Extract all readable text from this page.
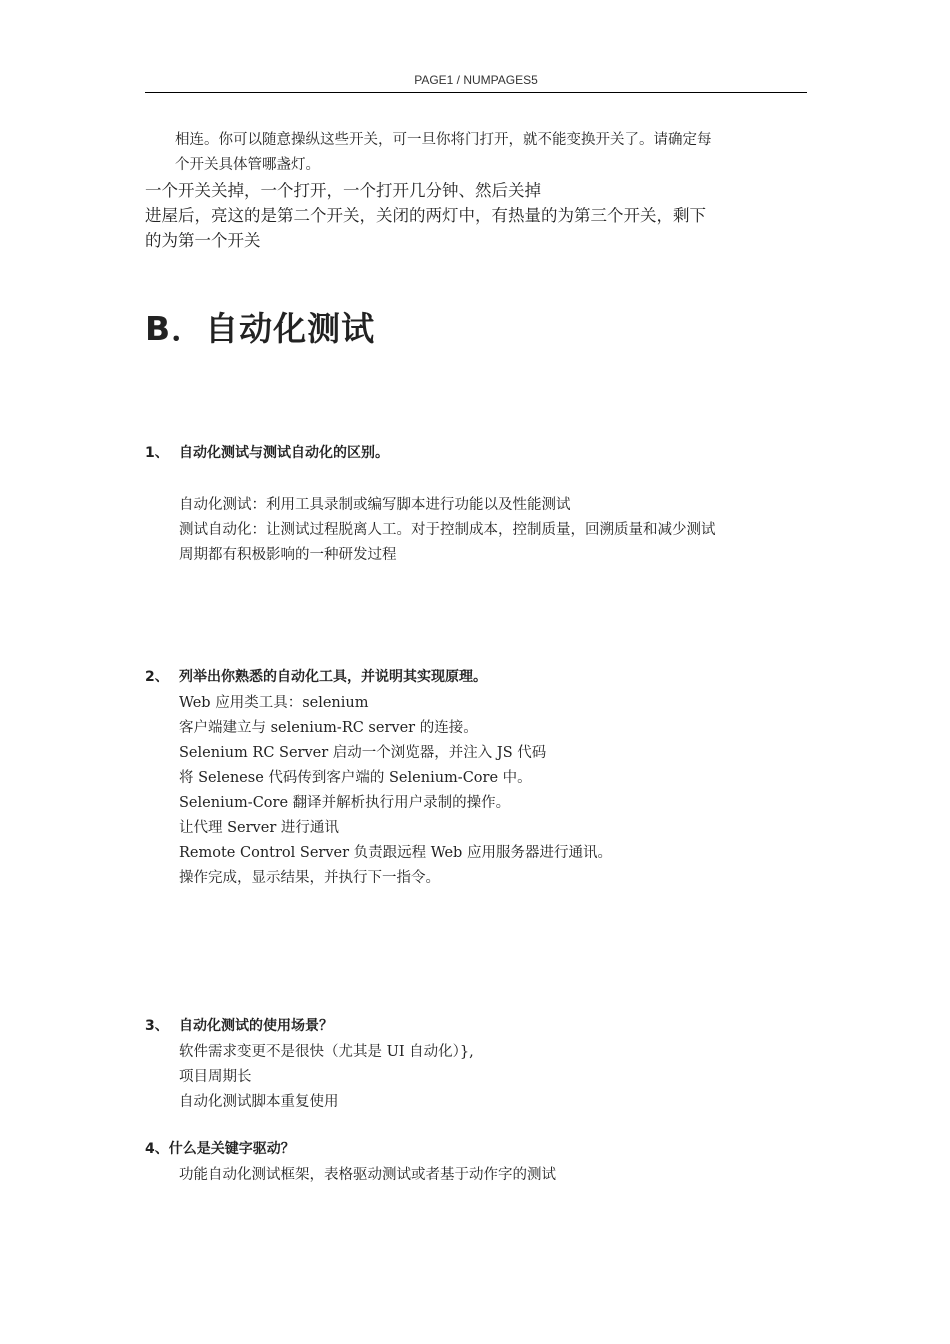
PAGE1 / NUMPAGES5
相连。你可以随意操纵这些开关，可一旦你将门打开，就不能变换开关了。请确定每
个开关具体管哪盏灯。
一个开关关掉，一个打开，一个打开几分钟、然后关掉
进屋后，亮这的是第二个开关，关闭的两灯中，有热量的为第三个开关，剩下
的为第一个开关
B．自动化测试
1、 自动化测试与测试自动化的区别。
自动化测试：利用工具录制或编写脚本进行功能以及性能测试
测试自动化：让测试过程脱离人工。对于控制成本，控制质量，回溯质量和减少测试
周期都有积极影响的一种研发过程
2、 列举出你熟悉的自动化工具，并说明其实现原理。
Web 应用类工具：selenium
客户端建立与 selenium-RC server 的连接。
Selenium RC Server 启动一个浏览器，并注入 JS 代码
将 Selenese 代码传到客户端的 Selenium-Core 中。
Selenium-Core 翻译并解析执行用户录制的操作。
让代理 Server 进行通讯
Remote Control Server 负责跟远程 Web 应用服务器进行通讯。
操作完成，显示结果，并执行下一指令。
3、 自动化测试的使用场景？
软件需求变更不是很快（尤其是 UI 自动化）},
项目周期长
自动化测试脚本重复使用
4、什么是关键字驱动？
功能自动化测试框架，表格驱动测试或者基于动作字的测试
